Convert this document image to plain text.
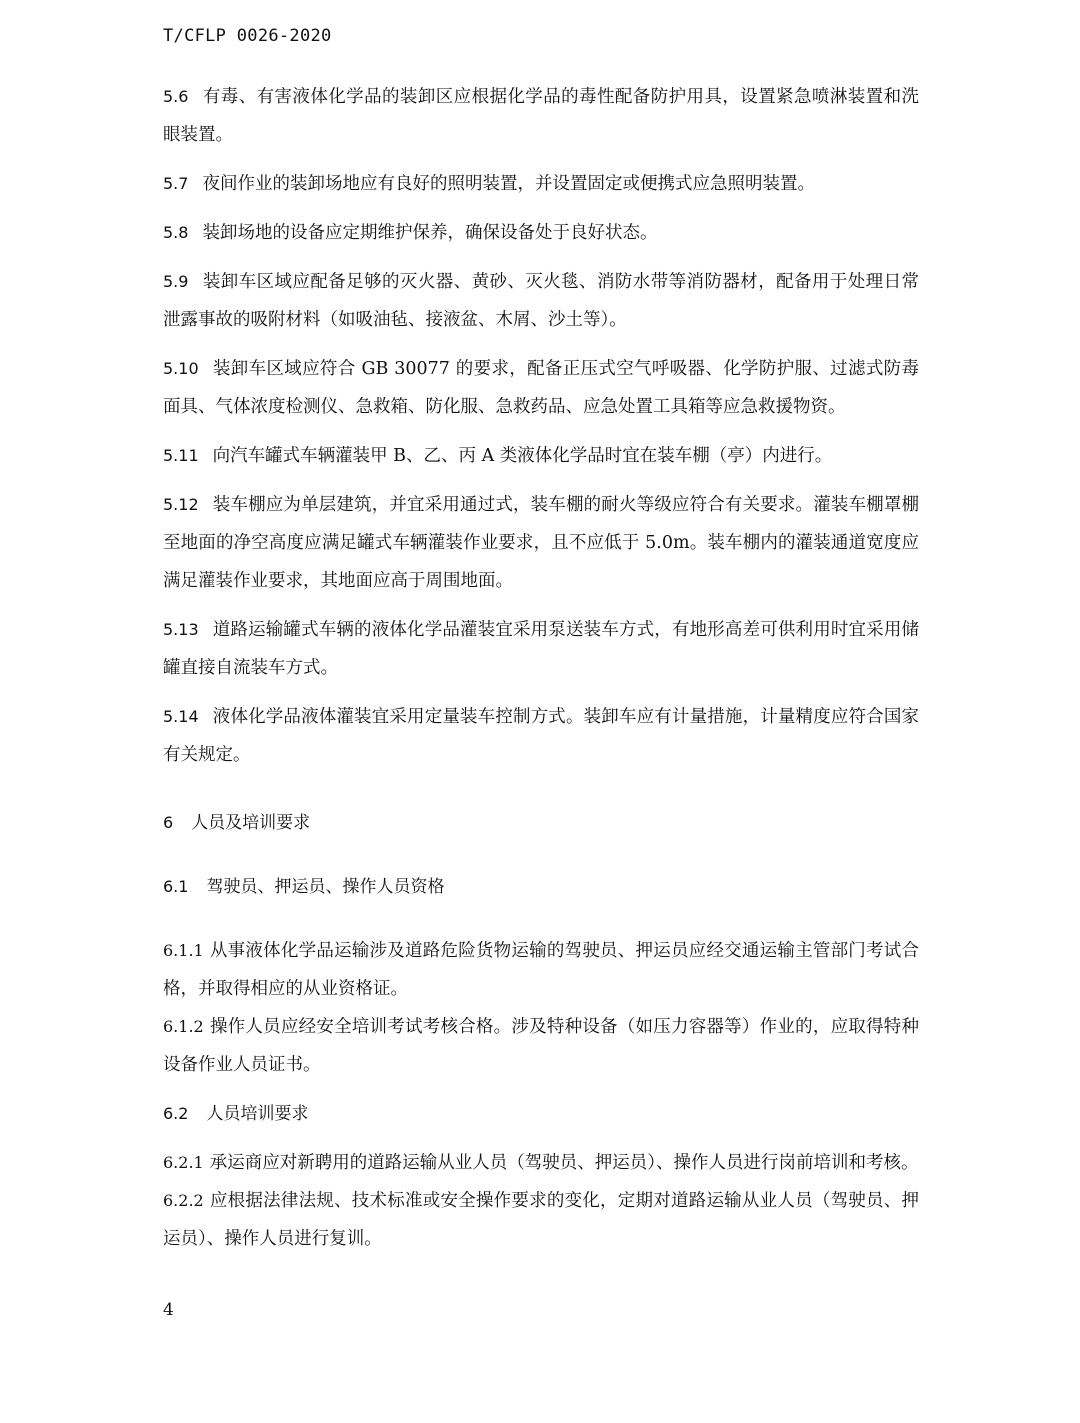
T/CFLP 0026-2020

5.6 有毒、有害液体化学品的装卸区应根据化学品的毒性配备防护用具，设置紧急喷淋装置和洗眼装置。

5.7 夜间作业的装卸场地应有良好的照明装置，并设置固定或便携式应急照明装置。

5.8 装卸场地的设备应定期维护保养，确保设备处于良好状态。

5.9 装卸车区域应配备足够的灭火器、黄砂、灭火毯、消防水带等消防器材，配备用于处理日常泄露事故的吸附材料（如吸油毡、接液盆、木屑、沙土等）。

5.10 装卸车区域应符合 GB 30077 的要求，配备正压式空气呼吸器、化学防护服、过滤式防毒面具、气体浓度检测仪、急救箱、防化服、急救药品、应急处置工具箱等应急救援物资。

5.11 向汽车罐式车辆灌装甲 B、乙、丙 A 类液体化学品时宜在装车棚（亭）内进行。

5.12 装车棚应为单层建筑，并宜采用通过式，装车棚的耐火等级应符合有关要求。灌装车棚罩棚至地面的净空高度应满足罐式车辆灌装作业要求，且不应低于 5.0m。装车棚内的灌装通道宽度应满足灌装作业要求，其地面应高于周围地面。

5.13 道路运输罐式车辆的液体化学品灌装宜采用泵送装车方式，有地形高差可供利用时宜采用储罐直接自流装车方式。

5.14 液体化学品液体灌装宜采用定量装车控制方式。装卸车应有计量措施，计量精度应符合国家有关规定。

6 人员及培训要求
6.1 驾驶员、押运员、操作人员资格

6.1.1 从事液体化学品运输涉及道路危险货物运输的驾驶员、押运员应经交通运输主管部门考试合格，并取得相应的从业资格证。

6.1.2 操作人员应经安全培训考试考核合格。涉及特种设备（如压力容器等）作业的，应取得特种设备作业人员证书。

6.2 人员培训要求

6.2.1 承运商应对新聘用的道路运输从业人员（驾驶员、押运员）、操作人员进行岗前培训和考核。

6.2.2 应根据法律法规、技术标准或安全操作要求的变化，定期对道路运输从业人员（驾驶员、押运员）、操作人员进行复训。

4
